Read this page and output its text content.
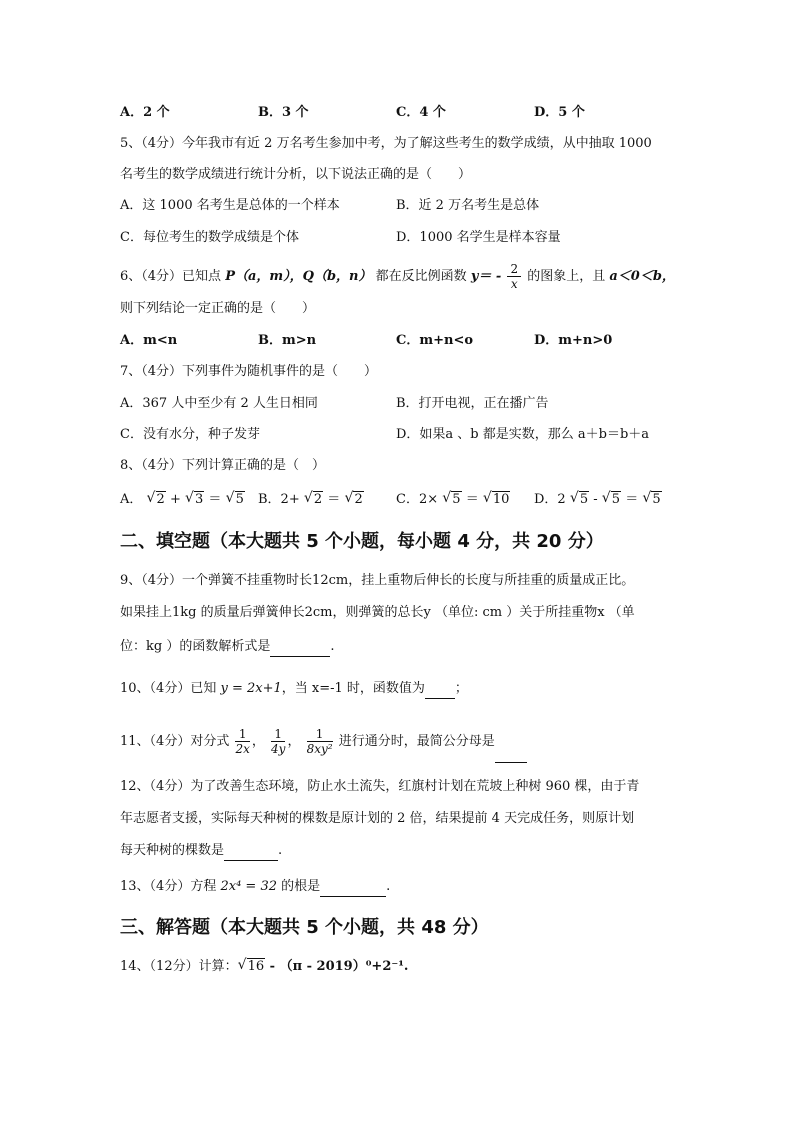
A．2 个	B．3 个	C．4 个	D．5 个
5、（4分）今年我市有近 2 万名考生参加中考，为了解这些考生的数学成绩，从中抽取 1000
名考生的数学成绩进行统计分析，以下说法正确的是（　　）
A．这 1000 名考生是总体的一个样本	B．近 2 万名考生是总体
C．每位考生的数学成绩是个体	D．1000 名学生是样本容量
6、（4分）已知点 P（a，m），Q（b，n） 都在反比例函数 $y= - \frac{2}{x}$ 的图象上，且 a＜0＜b，
则下列结论一定正确的是（　　）
A．m<n	B．m>n	C．m+n<o	D．m+n>0
7、（4分）下列事件为随机事件的是（　　）
A．367 人中至少有 2 人生日相同	B．打开电视，正在播广告
C．没有水分，种子发芽	D．如果a 、b 都是实数，那么 a＋b＝b＋a
8、（4分）下列计算正确的是（　）
A． √ 2 + √ 3 ＝ √ 5 B．2+ √ 2 ＝ √ 2	C．2× √ 5 ＝ √ 10 D．2 √ 5 - √ 5 ＝ √ 5
二、填空题（本大题共 5 个小题，每小题 4 分，共 20 分）
9、（4分）一个弹簧不挂重物时长12cm，挂上重物后伸长的长度与所挂重的质量成正比。
如果挂上1kg 的质量后弹簧伸长2cm，则弹簧的总长y （单位: cm ）关于所挂重物x （单
位：kg ）的函数解析式是	.
10、（4分）已知 y = 2x+1，当 x=-1 时，函数值为 ；
11、（4分）对分式 $\frac{1}{2x}$ ， $\frac{1}{4y}$ ， $\frac{1}{\text{8xy²}}$ 进行通分时，最简公分母是
12、（4分）为了改善生态环境，防止水土流失，红旗村计划在荒坡上种树 960 棵，由于青
年志愿者支援，实际每天种树的棵数是原计划的 2 倍，结果提前 4 天完成任务，则原计划
每天种树的棵数是	.
13、（4分）方程 2x⁴ = 32 的根是	.
三、解答题（本大题共 5 个小题，共 48 分）
14、（12分）计算： √ 16 - （π - 2019）⁰+2⁻¹.
